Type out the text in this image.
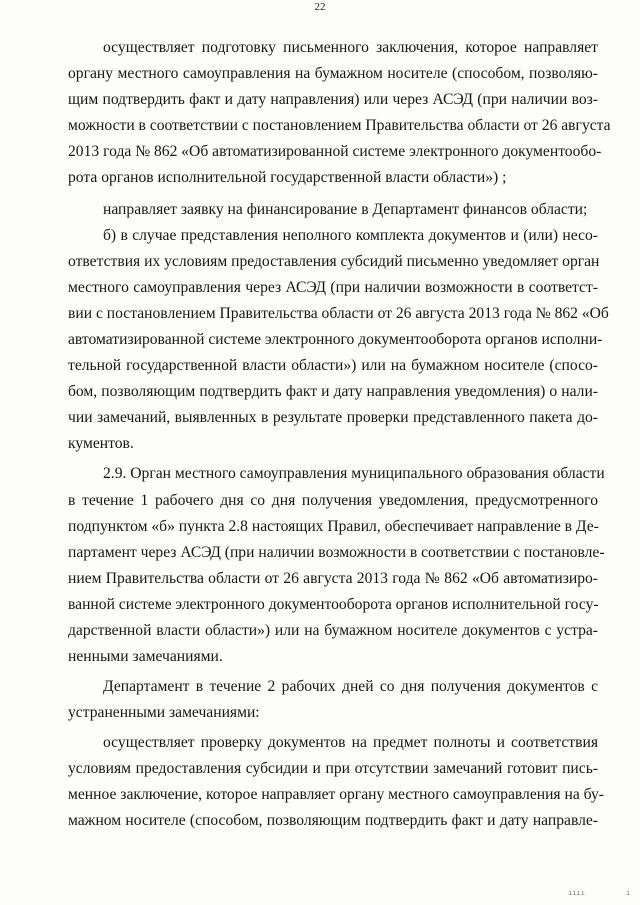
22
осуществляет подготовку письменного заключения, которое направляет
органу местного самоуправления на бумажном носителе (способом, позволяю-
щим подтвердить факт и дату направления) или через АСЭД (при наличии воз-
можности в соответствии с постановлением Правительства области от 26 августа
2013 года № 862 «Об автоматизированной системе электронного документообо-
рота органов исполнительной государственной власти области») ;
направляет заявку на финансирование в Департамент финансов области;
б) в случае представления неполного комплекта документов и (или) несо-
ответствия их условиям предоставления субсидий письменно уведомляет орган
местного самоуправления через АСЭД (при наличии возможности в соответст-
вии с постановлением Правительства области от 26 августа 2013 года № 862 «Об
автоматизированной системе электронного документооборота органов исполни-
тельной государственной власти области») или на бумажном носителе (спосо-
бом, позволяющим подтвердить факт и дату направления уведомления) о нали-
чии замечаний, выявленных в результате проверки представленного пакета до-
кументов.
2.9. Орган местного самоуправления муниципального образования области
в течение 1 рабочего дня со дня получения уведомления, предусмотренного
подпунктом «б» пункта 2.8 настоящих Правил, обеспечивает направление в Де-
партамент через АСЭД (при наличии возможности в соответствии с постановле-
нием Правительства области от 26 августа 2013 года № 862 «Об автоматизиро-
ванной системе электронного документооборота органов исполнительной госу-
дарственной власти области») или на бумажном носителе документов с устра-
ненными замечаниями.
Департамент в течение 2 рабочих дней со дня получения документов с
устраненными замечаниями:
осуществляет проверку документов на предмет полноты и соответствия
условиям предоставления субсидии и при отсутствии замечаний готовит пись-
менное заключение, которое направляет органу местного самоуправления на бу-
мажном носителе (способом, позволяющим подтвердить факт и дату направле-
ıııı	ı
